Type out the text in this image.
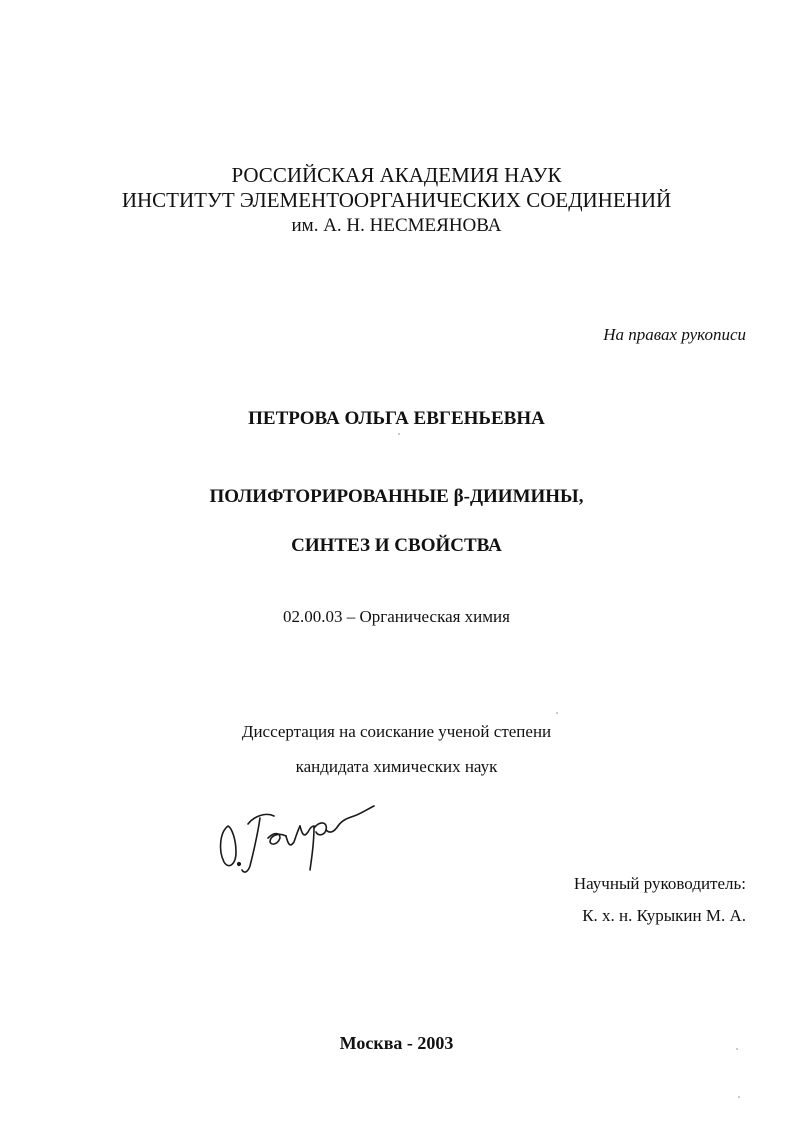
РОССИЙСКАЯ АКАДЕМИЯ НАУК
ИНСТИТУТ ЭЛЕМЕНТООРГАНИЧЕСКИХ СОЕДИНЕНИЙ
им. А. Н. НЕСМЕЯНОВА
На правах рукописи
ПЕТРОВА ОЛЬГА ЕВГЕНЬЕВНА
ПОЛИФТОРИРОВАННЫЕ β-ДИИМИНЫ,
СИНТЕЗ И СВОЙСТВА
02.00.03 – Органическая химия
Диссертация на соискание ученой степени
кандидата химических наук
Научный руководитель:
К. х. н. Курыкин М. А.
Москва - 2003
